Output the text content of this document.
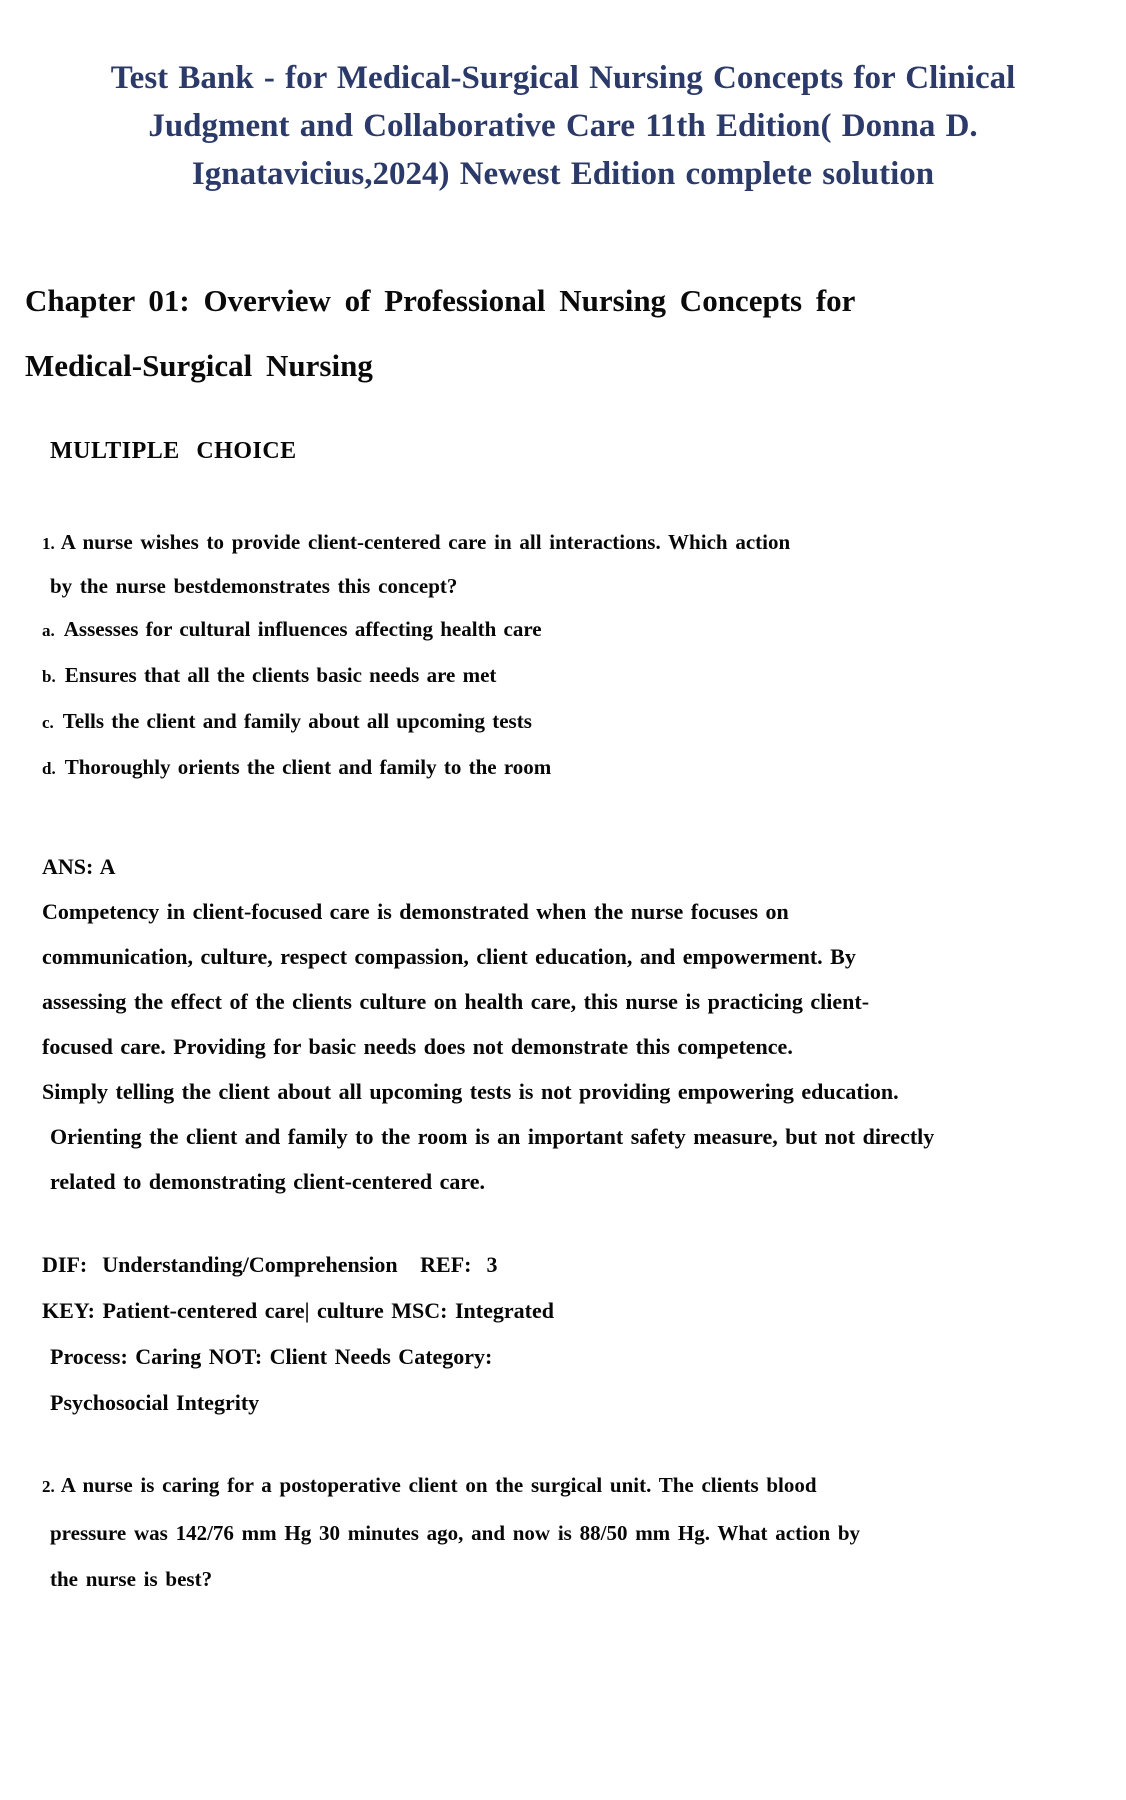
Test Bank - for Medical-Surgical Nursing Concepts for Clinical
Judgment and Collaborative Care 11th Edition( Donna D.
Ignatavicius,2024) Newest Edition complete solution
Chapter 01: Overview of Professional Nursing Concepts for
Medical-Surgical Nursing
MULTIPLE CHOICE
1. A nurse wishes to provide client-centered care in all interactions. Which action
by the nurse bestdemonstrates this concept?
a. Assesses for cultural influences affecting health care
b. Ensures that all the clients basic needs are met
c. Tells the client and family about all upcoming tests
d. Thoroughly orients the client and family to the room
ANS: A
Competency in client-focused care is demonstrated when the nurse focuses on
communication, culture, respect compassion, client education, and empowerment. By
assessing the effect of the clients culture on health care, this nurse is practicing client-
focused care. Providing for basic needs does not demonstrate this competence.
Simply telling the client about all upcoming tests is not providing empowering education.
Orienting the client and family to the room is an important safety measure, but not directly
related to demonstrating client-centered care.
DIF:  Understanding/Comprehension   REF:  3
KEY: Patient-centered care| culture MSC: Integrated
Process: Caring NOT: Client Needs Category:
Psychosocial Integrity
2. A nurse is caring for a postoperative client on the surgical unit. The clients blood
pressure was 142/76 mm Hg 30 minutes ago, and now is 88/50 mm Hg. What action by
the nurse is best?
